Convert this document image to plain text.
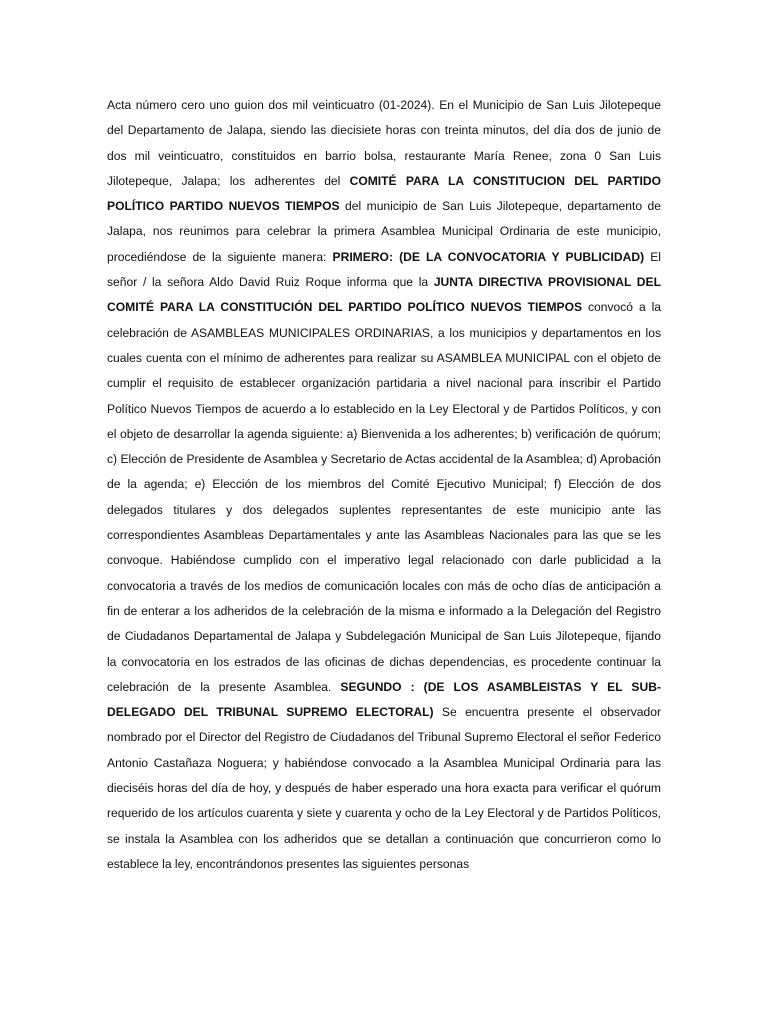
Acta número cero uno guion dos mil veinticuatro (01-2024). En el Municipio de San Luis Jilotepeque del Departamento de Jalapa, siendo las diecisiete horas con treinta minutos, del día dos de junio de dos mil veinticuatro, constituidos en barrio bolsa, restaurante María Renee, zona 0 San Luis Jilotepeque, Jalapa; los adherentes del COMITÉ PARA LA CONSTITUCION DEL PARTIDO POLÍTICO PARTIDO NUEVOS TIEMPOS del municipio de San Luis Jilotepeque, departamento de Jalapa, nos reunimos para celebrar la primera Asamblea Municipal Ordinaria de este municipio, procediéndose de la siguiente manera: PRIMERO: (DE LA CONVOCATORIA Y PUBLICIDAD) El señor / la señora Aldo David Ruiz Roque informa que la JUNTA DIRECTIVA PROVISIONAL DEL COMITÉ PARA LA CONSTITUCIÓN DEL PARTIDO POLÍTICO NUEVOS TIEMPOS convocó a la celebración de ASAMBLEAS MUNICIPALES ORDINARIAS, a los municipios y departamentos en los cuales cuenta con el mínimo de adherentes para realizar su ASAMBLEA MUNICIPAL con el objeto de cumplir el requisito de establecer organización partidaria a nivel nacional para inscribir el Partido Político Nuevos Tiempos de acuerdo a lo establecido en la Ley Electoral y de Partidos Políticos, y con el objeto de desarrollar la agenda siguiente: a) Bienvenida a los adherentes; b) verificación de quórum; c) Elección de Presidente de Asamblea y Secretario de Actas accidental de la Asamblea; d) Aprobación de la agenda; e) Elección de los miembros del Comité Ejecutivo Municipal; f) Elección de dos delegados titulares y dos delegados suplentes representantes de este municipio ante las correspondientes Asambleas Departamentales y ante las Asambleas Nacionales para las que se les convoque. Habiéndose cumplido con el imperativo legal relacionado con darle publicidad a la convocatoria a través de los medios de comunicación locales con más de ocho días de anticipación a fin de enterar a los adheridos de la celebración de la misma e informado a la Delegación del Registro de Ciudadanos Departamental de Jalapa y Subdelegación Municipal de San Luis Jilotepeque, fijando la convocatoria en los estrados de las oficinas de dichas dependencias, es procedente continuar la celebración de la presente Asamblea. SEGUNDO : (DE LOS ASAMBLEISTAS Y EL SUB-DELEGADO DEL TRIBUNAL SUPREMO ELECTORAL) Se encuentra presente el observador nombrado por el Director del Registro de Ciudadanos del Tribunal Supremo Electoral el señor Federico Antonio Castañaza Noguera; y habiéndose convocado a la Asamblea Municipal Ordinaria para las dieciséis horas del día de hoy, y después de haber esperado una hora exacta para verificar el quórum requerido de los artículos cuarenta y siete y cuarenta y ocho de la Ley Electoral y de Partidos Políticos, se instala la Asamblea con los adheridos que se detallan a continuación que concurrieron como lo establece la ley, encontrándonos presentes las siguientes personas
